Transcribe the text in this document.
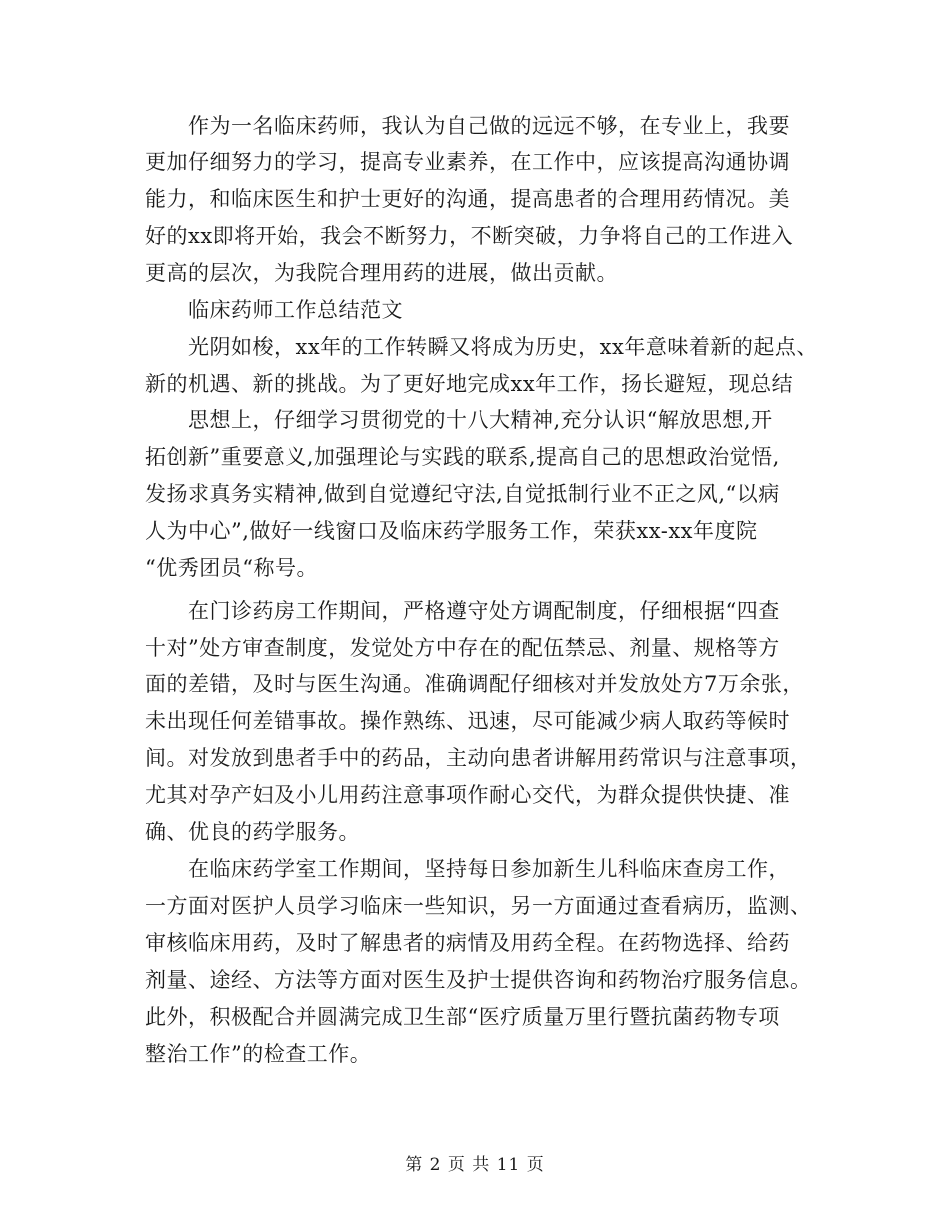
作为一名临床药师，我认为自己做的远远不够，在专业上，我要
更加仔细努力的学习，提高专业素养，在工作中，应该提高沟通协调
能力，和临床医生和护士更好的沟通，提高患者的合理用药情况。美
好的xx即将开始，我会不断努力，不断突破，力争将自己的工作进入
更高的层次，为我院合理用药的进展，做出贡献。
临床药师工作总结范文
光阴如梭，xx年的工作转瞬又将成为历史，xx年意味着新的起点、
新的机遇、新的挑战。为了更好地完成xx年工作，扬长避短，现总结
思想上，仔细学习贯彻党的十八大精神,充分认识“解放思想,开
拓创新”重要意义,加强理论与实践的联系,提高自己的思想政治觉悟,
发扬求真务实精神,做到自觉遵纪守法,自觉抵制行业不正之风,“以病
人为中心”,做好一线窗口及临床药学服务工作，荣获xx-xx年度院
“优秀团员“称号。
在门诊药房工作期间，严格遵守处方调配制度，仔细根据“四查
十对”处方审查制度，发觉处方中存在的配伍禁忌、剂量、规格等方
面的差错，及时与医生沟通。准确调配仔细核对并发放处方7万余张，
未出现任何差错事故。操作熟练、迅速，尽可能减少病人取药等候时
间。对发放到患者手中的药品，主动向患者讲解用药常识与注意事项，
尤其对孕产妇及小儿用药注意事项作耐心交代，为群众提供快捷、准
确、优良的药学服务。
在临床药学室工作期间，坚持每日参加新生儿科临床查房工作，
一方面对医护人员学习临床一些知识，另一方面通过查看病历，监测、
审核临床用药，及时了解患者的病情及用药全程。在药物选择、给药
剂量、途经、方法等方面对医生及护士提供咨询和药物治疗服务信息。
此外，积极配合并圆满完成卫生部“医疗质量万里行暨抗菌药物专项
整治工作”的检查工作。
第 2 页 共 11 页
